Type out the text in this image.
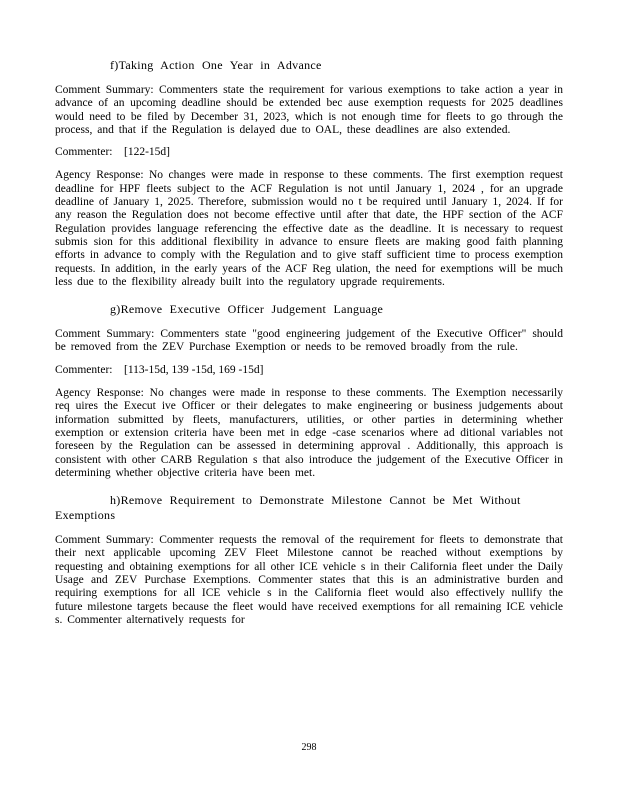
f)Taking Action One Year in Advance

Comment Summary: Commenters state the requirement for various exemptions to take action a year in advance of an upcoming deadline should be extended bec ause exemption requests for 2025 deadlines would need to be filed by December 31, 2023, which is not enough time for fleets to go through the process, and that if the Regulation is delayed due to OAL, these deadlines are also extended.

Commenter:    [122-15d]

Agency Response: No changes were made in response to these comments. The first exemption request deadline for HPF fleets subject to the ACF Regulation is not until January 1, 2024 , for an upgrade deadline of January 1, 2025. Therefore, submission would no t be required until January 1, 2024. If for any reason the Regulation does not become effective until after that date, the HPF section of the ACF Regulation provides language referencing the effective date as the deadline. It is necessary to request submis sion for this additional flexibility in advance to ensure fleets are making good faith planning efforts in advance to comply with the Regulation and to give staff sufficient time to process exemption requests. In addition, in the early years of the ACF Reg ulation, the need for exemptions will be much less due to the flexibility already built into the regulatory upgrade requirements.

g)Remove Executive Officer Judgement Language

Comment Summary: Commenters state "good engineering judgement of the Executive Officer" should be removed from the ZEV Purchase Exemption or needs to be removed broadly from the rule.

Commenter:    [113-15d, 139 -15d, 169 -15d]

Agency Response: No changes were made in response to these comments. The Exemption necessarily req uires the Execut ive Officer or their delegates to make engineering or business judgements about information submitted by fleets, manufacturers, utilities, or other parties in determining whether exemption or extension criteria have been met in edge -case scenarios where ad ditional variables not foreseen by the Regulation can be assessed in determining approval . Additionally, this approach is consistent with other CARB Regulation s that also introduce the judgement of the Executive Officer in determining whether objective criteria have been met.

h)Remove Requirement to Demonstrate Milestone Cannot be Met Without Exemptions

Comment Summary: Commenter requests the removal of the requirement for fleets to demonstrate that their next applicable upcoming ZEV Fleet Milestone cannot be reached without exemptions by requesting and obtaining exemptions for all other ICE vehicle s in their California fleet under the Daily Usage and ZEV Purchase Exemptions. Commenter states that this is an administrative burden and requiring exemptions for all ICE vehicle s in the California fleet would also effectively nullify the future milestone targets because the fleet would have received exemptions for all remaining ICE vehicle s. Commenter alternatively requests for

298
